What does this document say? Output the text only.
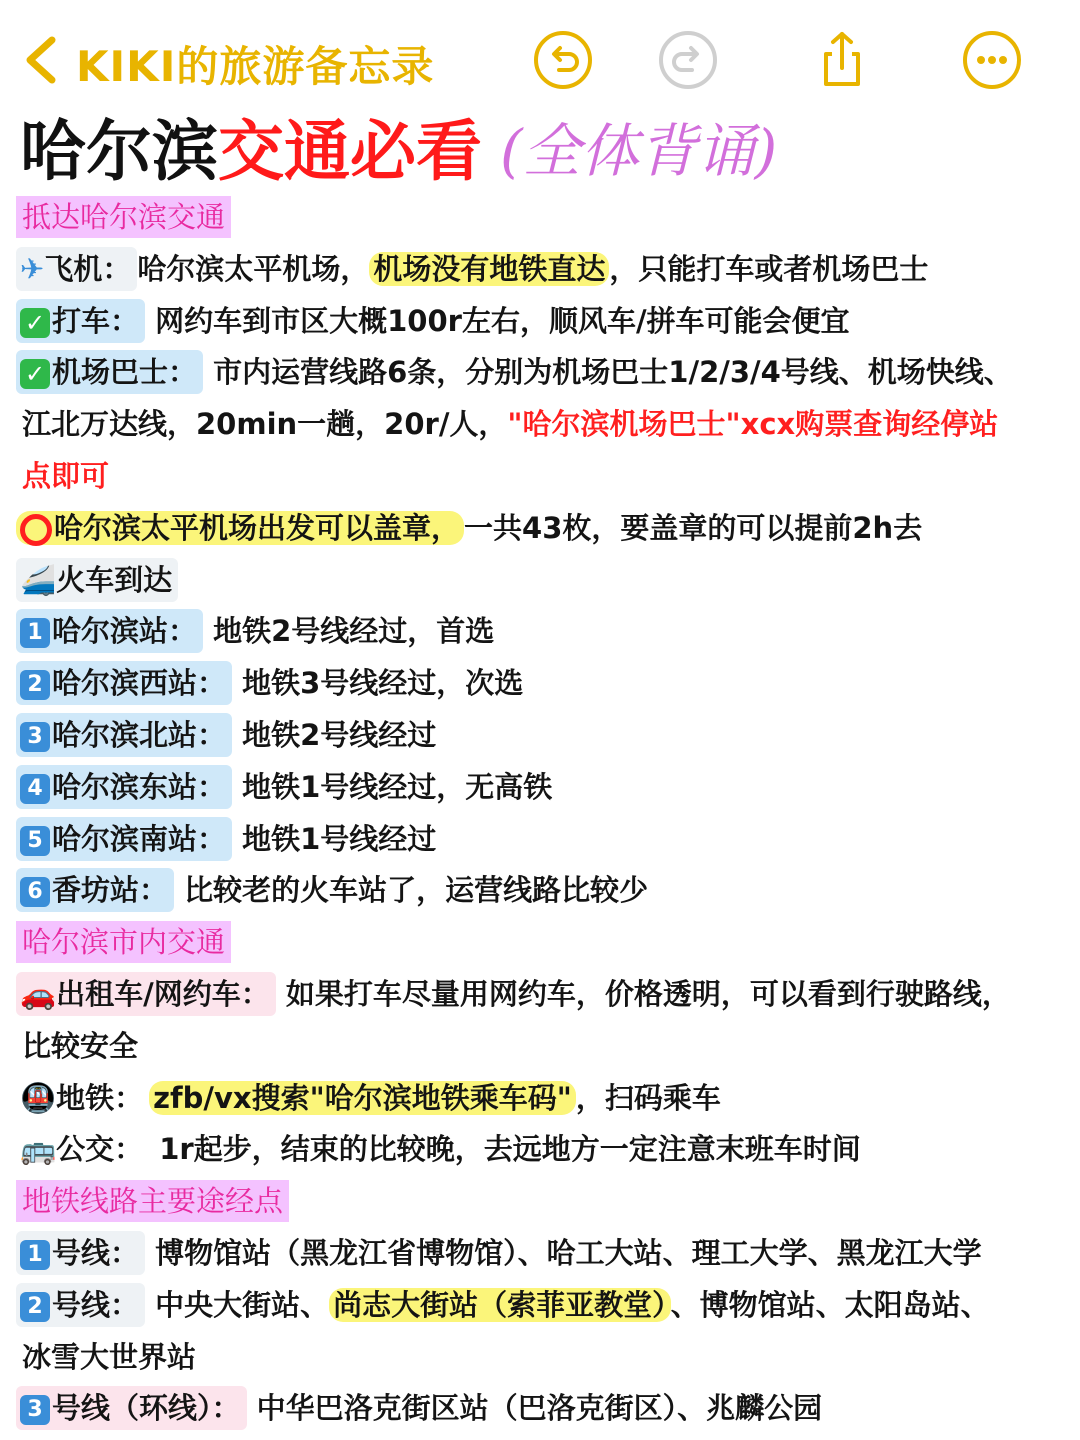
KIKI的旅游备忘录
哈尔滨交通必看 (全体背诵)
抵达哈尔滨交通
✈飞机： 哈尔滨太平机场， 机场没有地铁直达 ，只能打车或者机场巴士
✓ 打车： 网约车到市区大概100r左右，顺风车/拼车可能会便宜
✓ 机场巴士： 市内运营线路6条，分别为机场巴士1/2/3/4号线、机场快线、
江北万达线，20min一趟，20r/人，"哈尔滨机场巴士"xcx购票查询经停站
点即可
哈尔滨太平机场出发可以盖章， 一共43枚，要盖章的可以提前2h去
🚄火车到达
1 哈尔滨站： 地铁2号线经过，首选
2 哈尔滨西站： 地铁3号线经过，次选
3 哈尔滨北站： 地铁2号线经过
4 哈尔滨东站： 地铁1号线经过，无高铁
5 哈尔滨南站： 地铁1号线经过
6 香坊站： 比较老的火车站了，运营线路比较少
哈尔滨市内交通
🚗出租车/网约车： 如果打车尽量用网约车，价格透明，可以看到行驶路线，
比较安全
🚇地铁： zfb/vx搜索"哈尔滨地铁乘车码" ，扫码乘车
🚌公交： 1r起步，结束的比较晚，去远地方一定注意末班车时间
地铁线路主要途经点
1 号线： 博物馆站（黑龙江省博物馆）、哈工大站、理工大学、黑龙江大学
2 号线： 中央大街站、 尚志大街站（索菲亚教堂） 、博物馆站、太阳岛站、
冰雪大世界站
3 号线（环线）： 中华巴洛克街区站（巴洛克街区）、兆麟公园
